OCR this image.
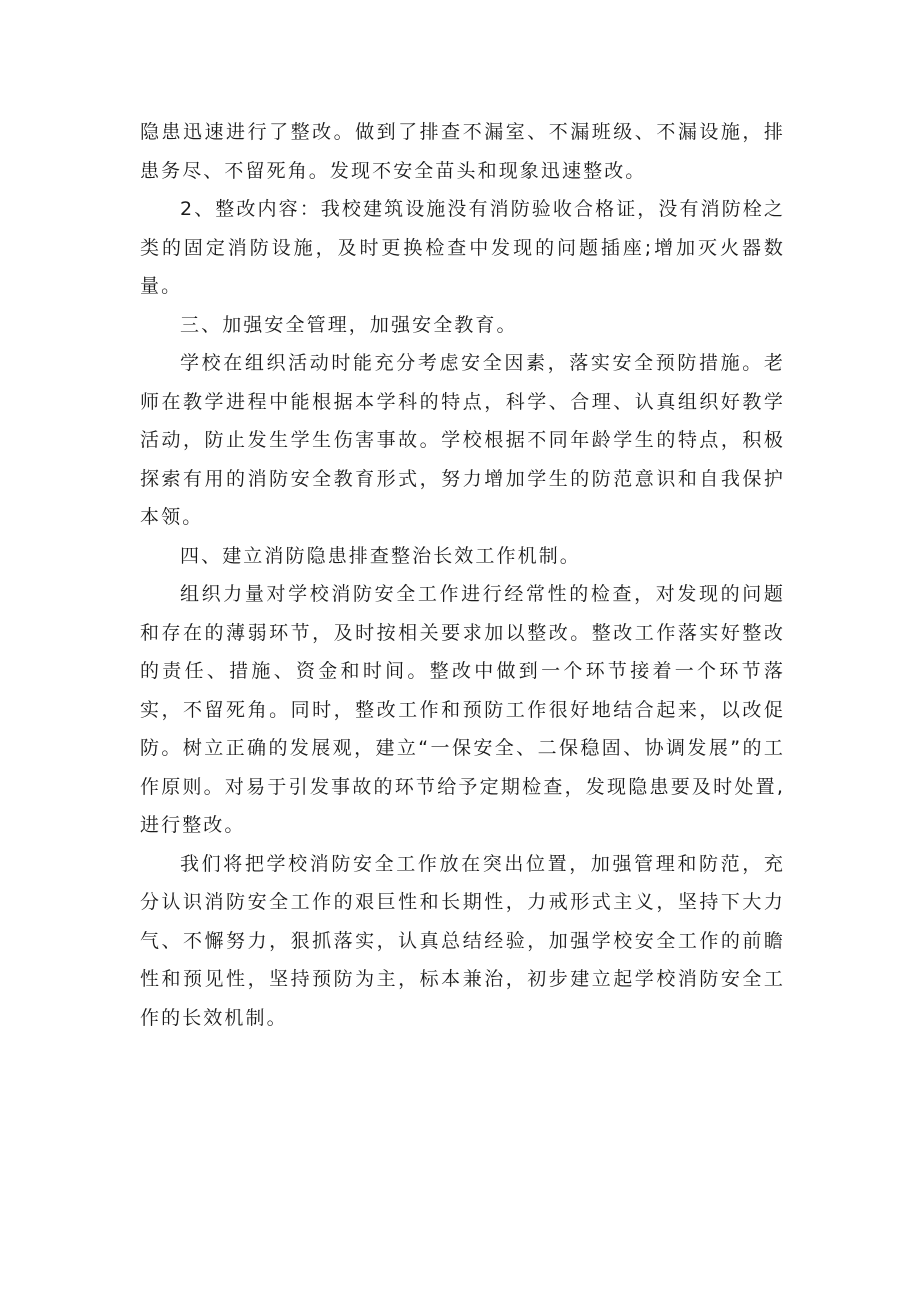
隐患迅速进行了整改。做到了排查不漏室、不漏班级、不漏设施，排患务尽、不留死角。发现不安全苗头和现象迅速整改。

2、整改内容：我校建筑设施没有消防验收合格证，没有消防栓之类的固定消防设施，及时更换检查中发现的问题插座;增加灭火器数量。

三、加强安全管理，加强安全教育。

学校在组织活动时能充分考虑安全因素，落实安全预防措施。老师在教学进程中能根据本学科的特点，科学、合理、认真组织好教学活动，防止发生学生伤害事故。学校根据不同年龄学生的特点，积极探索有用的消防安全教育形式，努力增加学生的防范意识和自我保护本领。

四、建立消防隐患排查整治长效工作机制。

组织力量对学校消防安全工作进行经常性的检查，对发现的问题和存在的薄弱环节，及时按相关要求加以整改。整改工作落实好整改的责任、措施、资金和时间。整改中做到一个环节接着一个环节落实，不留死角。同时，整改工作和预防工作很好地结合起来，以改促防。树立正确的发展观，建立“一保安全、二保稳固、协调发展”的工作原则。对易于引发事故的环节给予定期检查，发现隐患要及时处置,进行整改。

我们将把学校消防安全工作放在突出位置，加强管理和防范，充分认识消防安全工作的艰巨性和长期性，力戒形式主义，坚持下大力气、不懈努力，狠抓落实，认真总结经验，加强学校安全工作的前瞻性和预见性，坚持预防为主，标本兼治，初步建立起学校消防安全工作的长效机制。
